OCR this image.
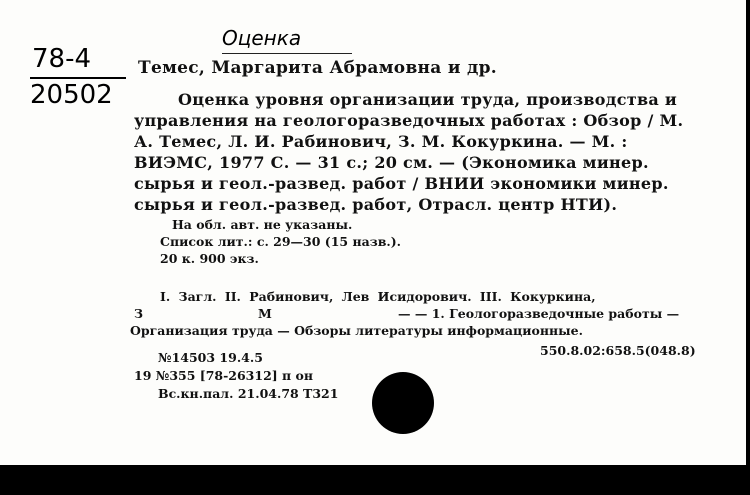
Оценка
78-4
20502
Темес, Маргарита Абрамовна и др.
Оценка уровня организации труда, производства и
управления на геологоразведочных работах : Обзор / М.
А. Темес, Л. И. Рабинович, З. М. Кокуркина. — М. :
ВИЭМС, 1977 С. — 31 с.; 20 см. — (Экономика минер.
сырья и геол.-развед. работ / ВНИИ экономики минер.
сырья и геол.-развед. работ, Отрасл. центр НТИ).
На обл. авт. не указаны.
Список лит.: с. 29—30 (15 назв.).
20 к. 900 экз.
I. Загл. II. Рабинович, Лев Исидорович. III. Кокуркина,
З	М	— — 1. Геологоразведочные работы —
Организация труда — Обзоры литературы информационные.
550.8.02:658.5(048.8)
№14503 19.4.5
19 №355 [78-26312] п он
Вс.кн.пал. 21.04.78 Т321
